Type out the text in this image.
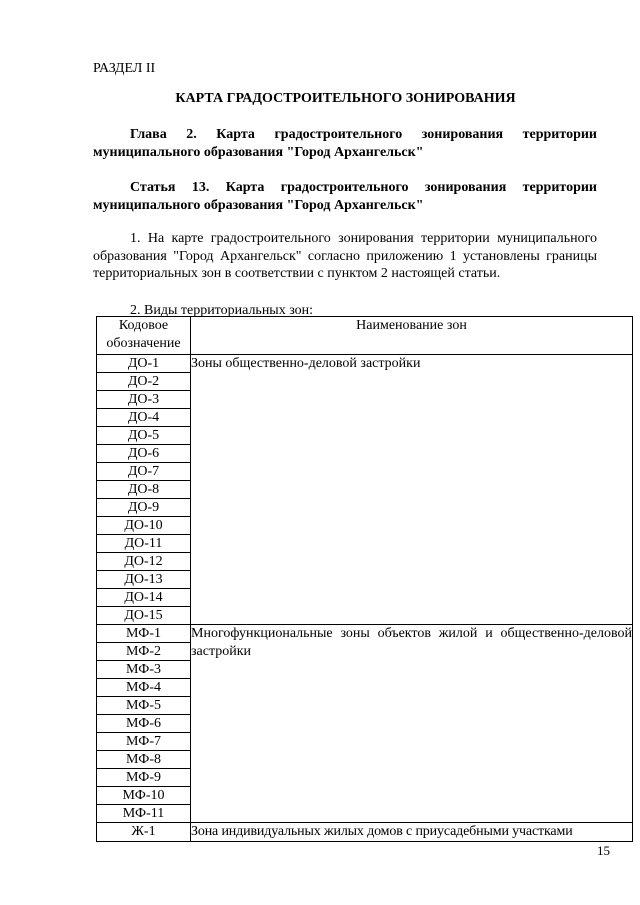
РАЗДЕЛ II
КАРТА ГРАДОСТРОИТЕЛЬНОГО ЗОНИРОВАНИЯ
Глава 2. Карта градостроительного зонирования территории муниципального образования "Город Архангельск"
Статья 13. Карта градостроительного зонирования территории муниципального образования "Город Архангельск"
1. На карте градостроительного зонирования территории муниципального образования "Город Архангельск" согласно приложению 1 установлены границы территориальных зон в соответствии с пунктом 2 настоящей статьи.
2. Виды территориальных зон:
Кодовое обозначение	Наименование зон
ДО-1	Зоны общественно-деловой застройки
ДО-2	
ДО-3	
ДО-4	
ДО-5	
ДО-6	
ДО-7	
ДО-8	
ДО-9	
ДО-10	
ДО-11	
ДО-12	
ДО-13	
ДО-14	
ДО-15	
МФ-1	Многофункциональные зоны объектов жилой и общественно-деловой застройки
МФ-2	
МФ-3	
МФ-4	
МФ-5	
МФ-6	
МФ-7	
МФ-8	
МФ-9	
МФ-10	
МФ-11	
Ж-1	Зона индивидуальных жилых домов с приусадебными участками
15
